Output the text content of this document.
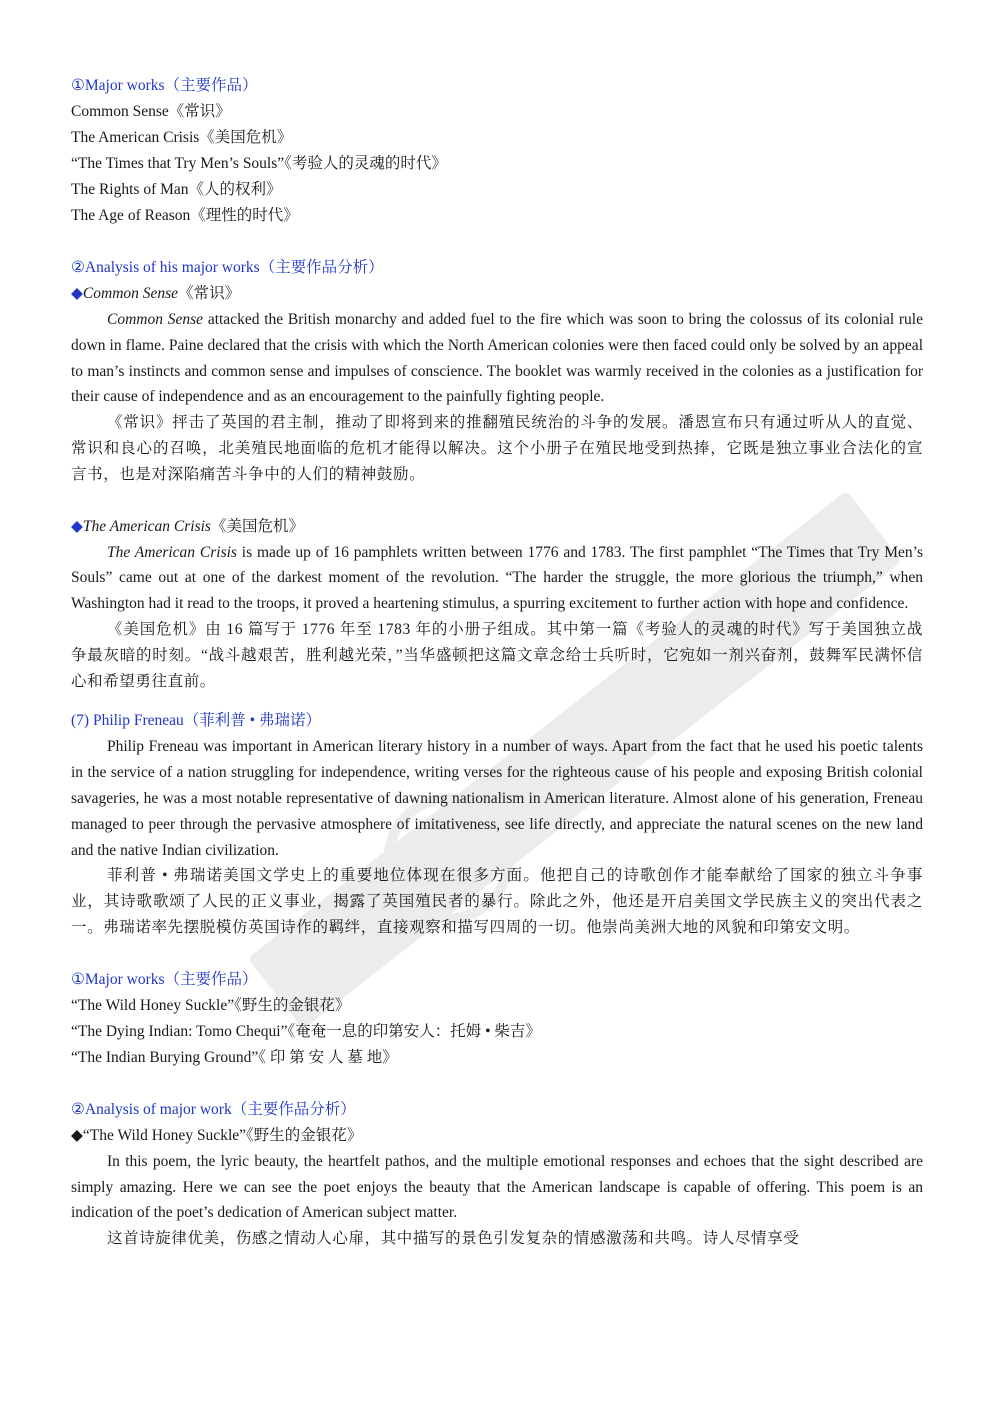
①Major works（主要作品）
Common Sense《常识》
The American Crisis《美国危机》
“The Times that Try Men’s Souls”《考验人的灵魂的时代》
The Rights of Man《人的权利》
The Age of Reason《理性的时代》
②Analysis of his major works（主要作品分析）
◆Common Sense《常识》

Common Sense attacked the British monarchy and added fuel to the fire which was soon to bring the colossus of its colonial rule down in flame. Paine declared that the crisis with which the North American colonies were then faced could only be solved by an appeal to man’s instincts and common sense and impulses of conscience. The booklet was warmly received in the colonies as a justification for their cause of independence and as an encouragement to the painfully fighting people.

《常识》抨击了英国的君主制，推动了即将到来的推翻殖民统治的斗争的发展。潘恩宣布只有通过听从人的直觉、常识和良心的召唤，北美殖民地面临的危机才能得以解决。这个小册子在殖民地受到热捧，它既是独立事业合法化的宣言书，也是对深陷痛苦斗争中的人们的精神鼓励。

◆The American Crisis《美国危机》

The American Crisis is made up of 16 pamphlets written between 1776 and 1783. The first pamphlet “The Times that Try Men’s Souls” came out at one of the darkest moment of the revolution. “The harder the struggle, the more glorious the triumph,” when Washington had it read to the troops, it proved a heartening stimulus, a spurring excitement to further action with hope and confidence.

《美国危机》由 16 篇写于 1776 年至 1783 年的小册子组成。其中第一篇《考验人的灵魂的时代》写于美国独立战争最灰暗的时刻。“战斗越艰苦，胜利越光荣，”当华盛顿把这篇文章念给士兵听时，它宛如一剂兴奋剂，鼓舞军民满怀信心和希望勇往直前。

(7) Philip Freneau（菲利普 • 弗瑞诺）

Philip Freneau was important in American literary history in a number of ways. Apart from the fact that he used his poetic talents in the service of a nation struggling for independence, writing verses for the righteous cause of his people and exposing British colonial savageries, he was a most notable representative of dawning nationalism in American literature. Almost alone of his generation, Freneau managed to peer through the pervasive atmosphere of imitativeness, see life directly, and appreciate the natural scenes on the new land and the native Indian civilization.

菲利普 • 弗瑞诺美国文学史上的重要地位体现在很多方面。他把自己的诗歌创作才能奉献给了国家的独立斗争事业，其诗歌歌颂了人民的正义事业，揭露了英国殖民者的暴行。除此之外，他还是开启美国文学民族主义的突出代表之一。弗瑞诺率先摆脱模仿英国诗作的羁绊，直接观察和描写四周的一切。他崇尚美洲大地的风貌和印第安文明。

①Major works（主要作品）
“The Wild Honey Suckle”《野生的金银花》
“The Dying Indian: Tomo Chequi”《奄奄一息的印第安人：托姆 • 柴吉》
“The Indian Burying Ground”《 印 第 安 人 墓 地》
②Analysis of major work（主要作品分析）
◆“The Wild Honey Suckle”《野生的金银花》

In this poem, the lyric beauty, the heartfelt pathos, and the multiple emotional responses and echoes that the sight described are simply amazing. Here we can see the poet enjoys the beauty that the American landscape is capable of offering. This poem is an indication of the poet’s dedication of American subject matter.

这首诗旋律优美，伤感之情动人心扉，其中描写的景色引发复杂的情感激荡和共鸣。诗人尽情享受
